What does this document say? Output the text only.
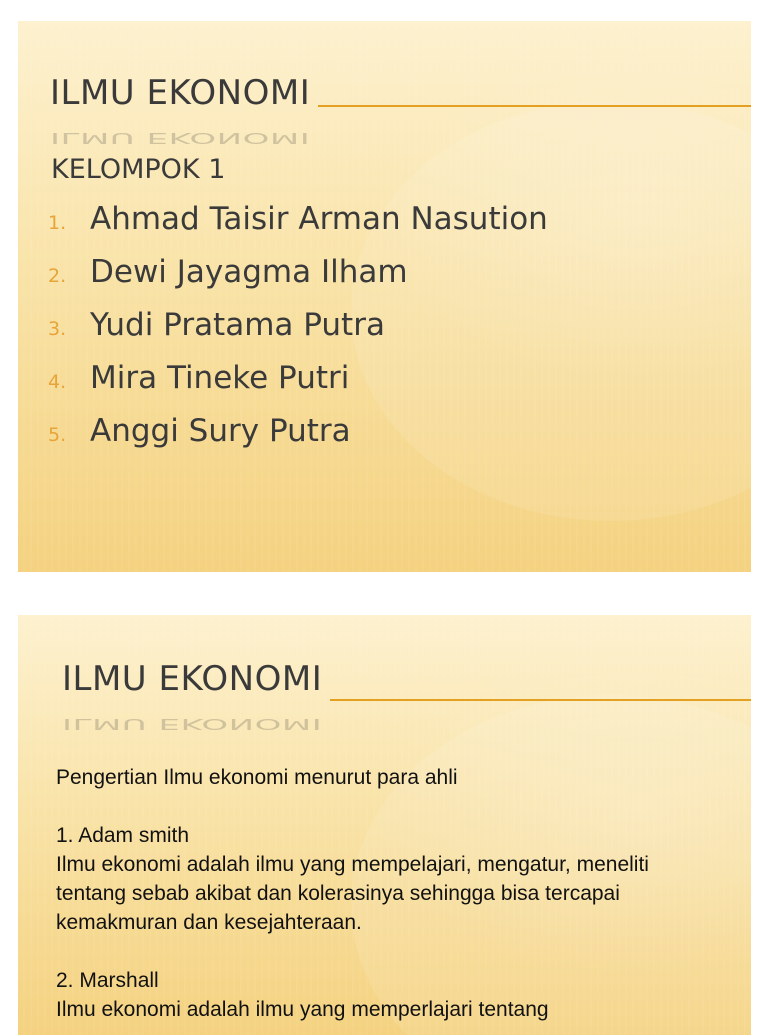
ILMU EKONOMI
ILMU EKONOMI
KELOMPOK 1
1. Ahmad Taisir Arman Nasution
2. Dewi Jayagma Ilham
3. Yudi Pratama Putra
4. Mira Tineke Putri
5. Anggi Sury Putra
ILMU EKONOMI
ILMU EKONOMI

Pengertian Ilmu ekonomi menurut para ahli

1. Adam smith

Ilmu ekonomi adalah ilmu yang mempelajari, mengatur, meneliti tentang sebab akibat dan kolerasinya sehingga bisa tercapai kemakmuran dan kesejahteraan.

2. Marshall

Ilmu ekonomi adalah ilmu yang memperlajari tentang
